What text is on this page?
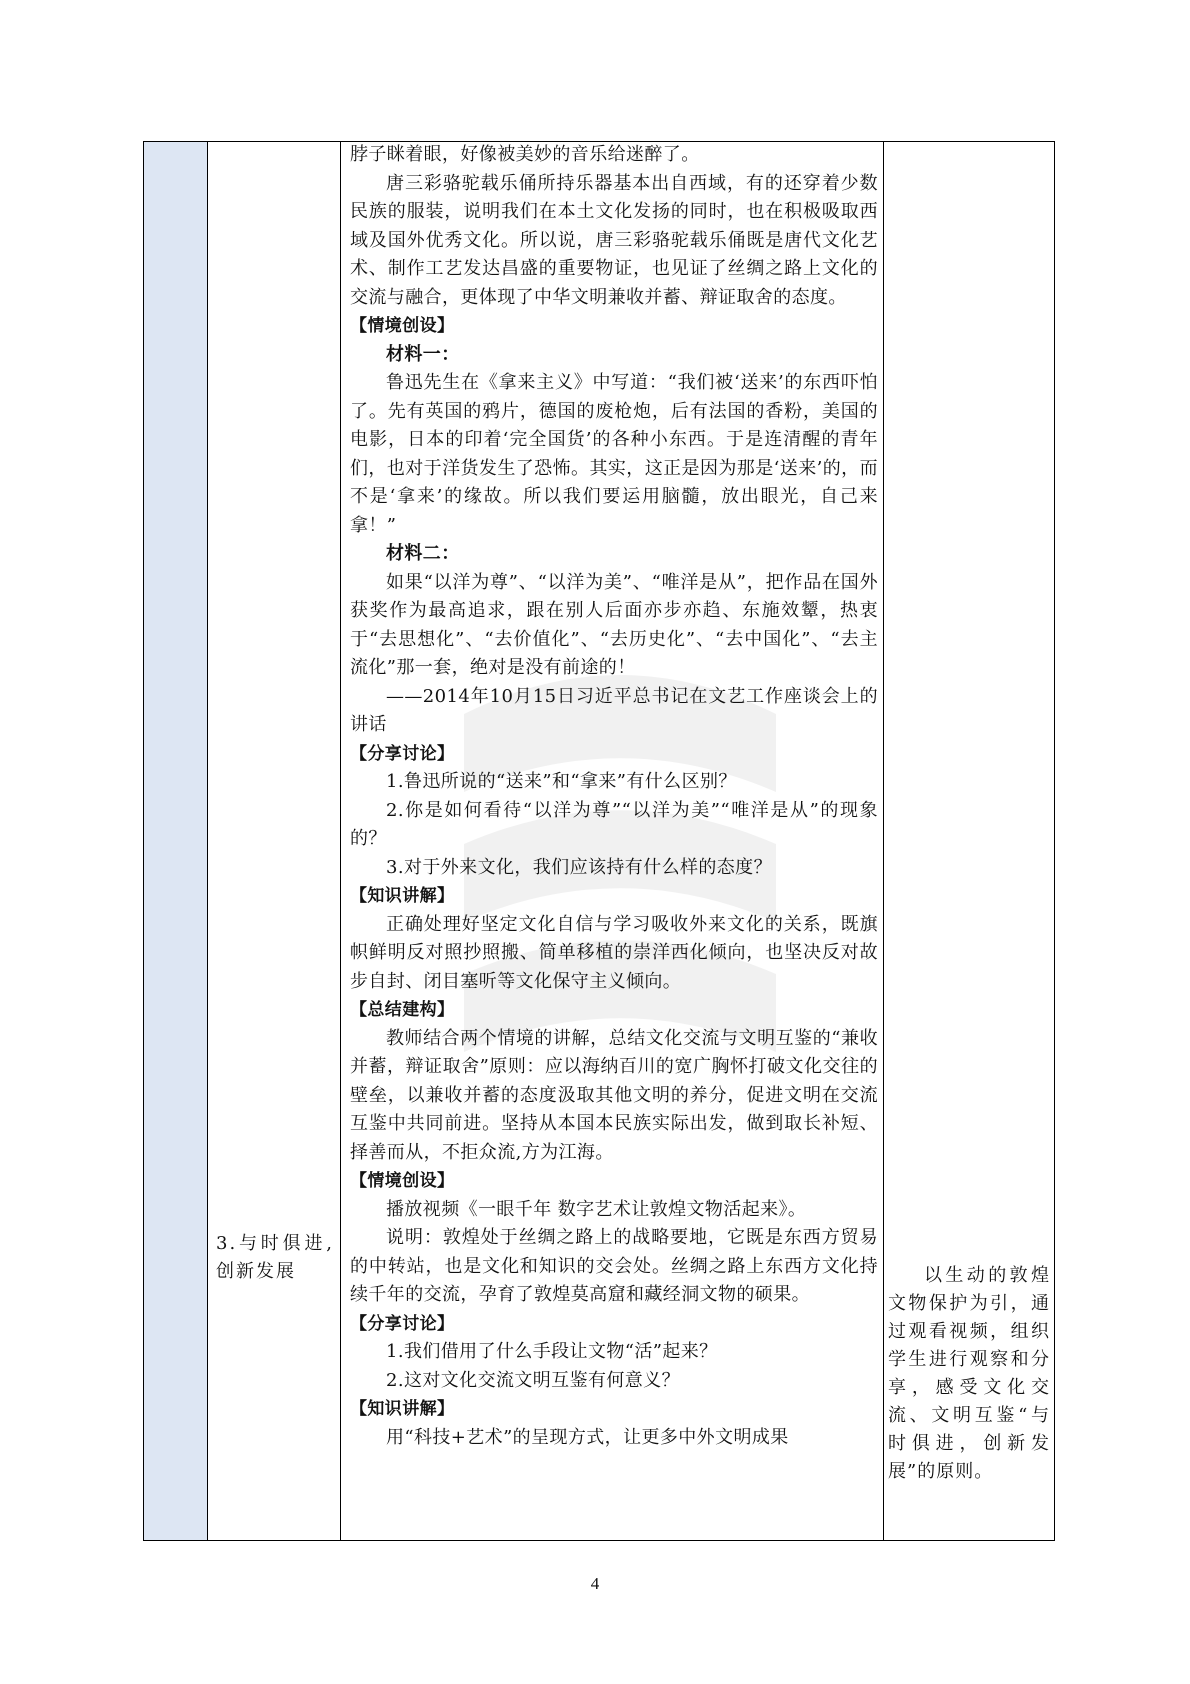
脖子眯着眼，好像被美妙的音乐给迷醉了。

唐三彩骆驼载乐俑所持乐器基本出自西域，有的还穿着少数民族的服装，说明我们在本土文化发扬的同时，也在积极吸取西域及国外优秀文化。所以说，唐三彩骆驼载乐俑既是唐代文化艺术、制作工艺发达昌盛的重要物证，也见证了丝绸之路上文化的交流与融合，更体现了中华文明兼收并蓄、辩证取舍的态度。

【情境创设】

材料一：

鲁迅先生在《拿来主义》中写道：“我们被‘送来’的东西吓怕了。先有英国的鸦片，德国的废枪炮，后有法国的香粉，美国的电影，日本的印着‘完全国货’的各种小东西。于是连清醒的青年们，也对于洋货发生了恐怖。其实，这正是因为那是‘送来’的，而不是‘拿来’的缘故。所以我们要运用脑髓，放出眼光，自己来拿！”

材料二：

如果“以洋为尊”、“以洋为美”、“唯洋是从”，把作品在国外获奖作为最高追求，跟在别人后面亦步亦趋、东施效颦，热衷于“去思想化”、“去价值化”、“去历史化”、“去中国化”、“去主流化”那一套，绝对是没有前途的！

——2014年10月15日习近平总书记在文艺工作座谈会上的讲话

【分享讨论】

1.鲁迅所说的“送来”和“拿来”有什么区别？

2.你是如何看待“以洋为尊”“以洋为美”“唯洋是从”的现象的？

3.对于外来文化，我们应该持有什么样的态度？

【知识讲解】

正确处理好坚定文化自信与学习吸收外来文化的关系，既旗帜鲜明反对照抄照搬、简单移植的崇洋西化倾向，也坚决反对故步自封、闭目塞听等文化保守主义倾向。

【总结建构】

教师结合两个情境的讲解，总结文化交流与文明互鉴的“兼收并蓄，辩证取舍”原则：应以海纳百川的宽广胸怀打破文化交往的壁垒，以兼收并蓄的态度汲取其他文明的养分，促进文明在交流互鉴中共同前进。坚持从本国本民族实际出发，做到取长补短、择善而从，不拒众流,方为江海。

【情境创设】

播放视频《一眼千年 数字艺术让敦煌文物活起来》。

说明：敦煌处于丝绸之路上的战略要地，它既是东西方贸易的中转站，也是文化和知识的交会处。丝绸之路上东西方文化持续千年的交流，孕育了敦煌莫高窟和藏经洞文物的硕果。

【分享讨论】

1.我们借用了什么手段让文物“活”起来？

2.这对文化交流文明互鉴有何意义？

【知识讲解】

用“科技+艺术”的呈现方式，让更多中外文明成果

3.与时俱进,创新发展	以生动的敦煌文物保护为引，通过观看视频，组织学生进行观察和分享，感受文化交流、文明互鉴“与时俱进，创新发展”的原则。

4
